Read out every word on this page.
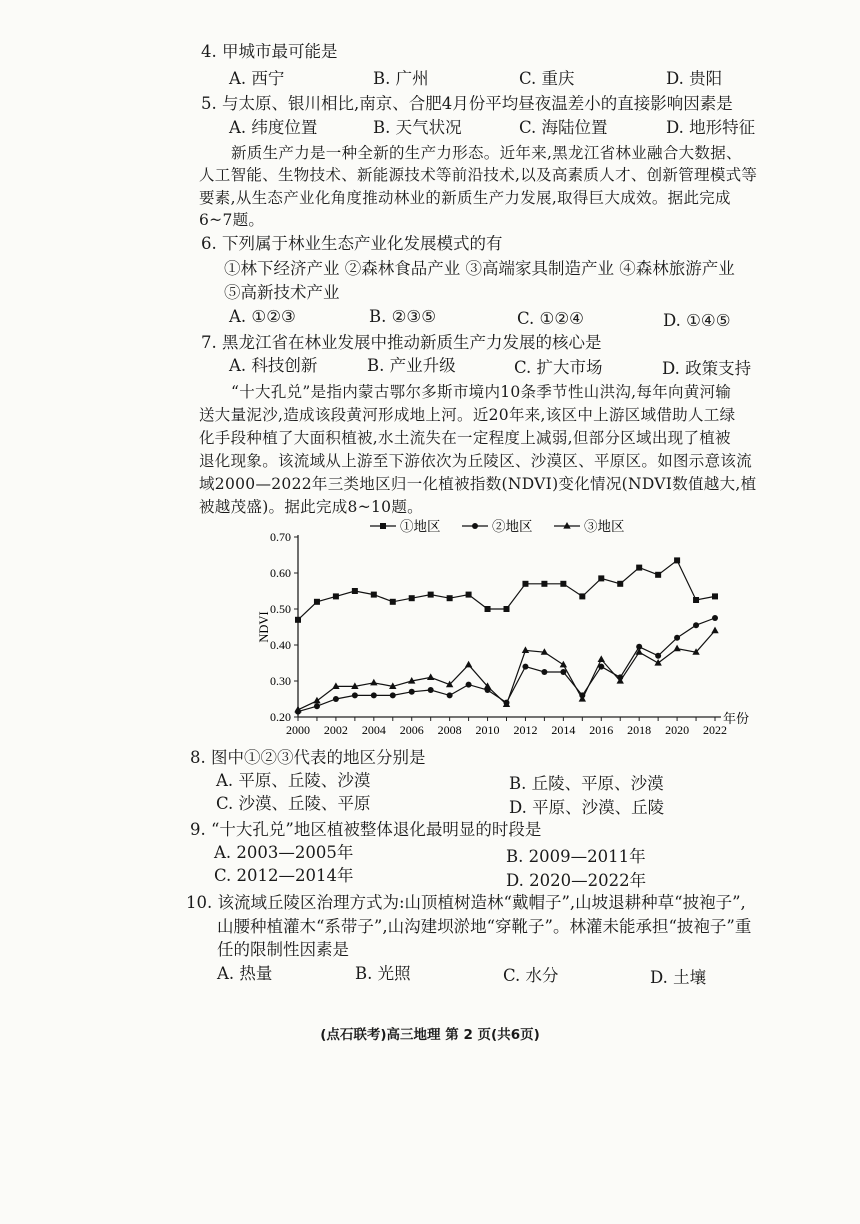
4. 甲城市最可能是
A. 西宁	B. 广州	C. 重庆	D. 贵阳
5. 与太原、银川相比,南京、合肥4月份平均昼夜温差小的直接影响因素是
A. 纬度位置	B. 天气状况	C. 海陆位置	D. 地形特征
新质生产力是一种全新的生产力形态。近年来,黑龙江省林业融合大数据、
人工智能、生物技术、新能源技术等前沿技术,以及高素质人才、创新管理模式等
要素,从生态产业化角度推动林业的新质生产力发展,取得巨大成效。据此完成
6~7题。
6. 下列属于林业生态产业化发展模式的有
①林下经济产业 ②森林食品产业 ③高端家具制造产业 ④森林旅游产业
⑤高新技术产业
A. ①②③	B. ②③⑤	C. ①②④	D. ①④⑤
7. 黑龙江省在林业发展中推动新质生产力发展的核心是
A. 科技创新	B. 产业升级	C. 扩大市场	D. 政策支持
“十大孔兑”是指内蒙古鄂尔多斯市境内10条季节性山洪沟,每年向黄河输
送大量泥沙,造成该段黄河形成地上河。近20年来,该区中上游区域借助人工绿
化手段种植了大面积植被,水土流失在一定程度上减弱,但部分区域出现了植被
退化现象。该流域从上游至下游依次为丘陵区、沙漠区、平原区。如图示意该流
域2000—2022年三类地区归一化植被指数(NDVI)变化情况(NDVI数值越大,植
被越茂盛)。据此完成8~10题。
0.20
0.30
0.40
0.50
0.60
0.70
2000 2002 2004 2006 2008 2010 2012 2014 2016 2018 2020 2022
年份
NDVI
①地区	②地区	③地区
8. 图中①②③代表的地区分别是
A. 平原、丘陵、沙漠	B. 丘陵、平原、沙漠
C. 沙漠、丘陵、平原	D. 平原、沙漠、丘陵
9. “十大孔兑”地区植被整体退化最明显的时段是
A. 2003—2005年	B. 2009—2011年
C. 2012—2014年	D. 2020—2022年
10. 该流域丘陵区治理方式为:山顶植树造林“戴帽子”,山坡退耕种草“披袍子”,
山腰种植灌木“系带子”,山沟建坝淤地“穿靴子”。林灌未能承担“披袍子”重
任的限制性因素是
A. 热量	B. 光照	C. 水分	D. 土壤
(点石联考)高三地理 第 2 页(共6页)
